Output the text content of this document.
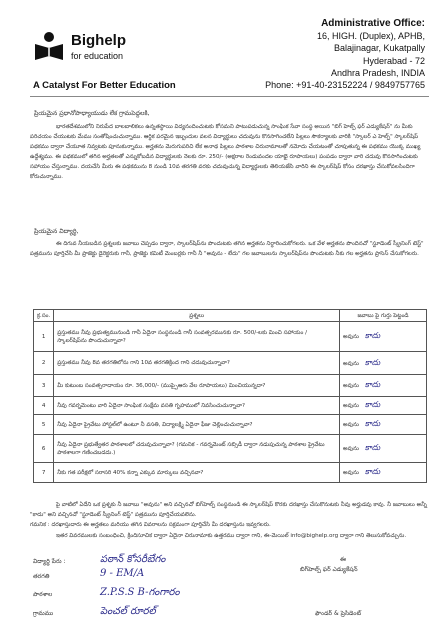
Bighelp
for education
A Catalyst For Better Education
Administrative Office:
16, HIGH. (Duplex), APHB,
Balajinagar, Kukatpally
Hyderabad - 72
Andhra Pradesh, INDIA
Phone: +91-40-23152224 / 9849757765
ప్రియమైన ప్రధానోపాధ్యాయుడు లేక గ్రామపెద్దలకి,
భారతదేశములోని నిరుపేద బాలబాలికలు ఉన్నతస్థాయి విద్యనందించుటకు కోసమని పాటుపడుచున్న సాంఘిక సేవా సంస్థ అయిన "బిగ్ హెల్ప్ ఫర్ ఎడ్యుకేషన్" ను మీకు పరిచయం చేయుటకు మేము సంతోషించుచున్నాము. ఆర్థిక పరమైన ఇబ్బందుల వలన విద్యార్థులు చదువును కొనసాగించలేని పిల్లలు సౌకర్యాలకు వారికి "స్కాలర్ ఎ హెల్ప్" స్కాలర్‌షిప్ పథకము ద్వారా చేయూత నివ్వటకు పూనుకున్నాము. అర్హతను మెరుగుపరిచి లేక అనాథ పిల్లలు పాఠశాల చిరునామాలతో నమోదు చేయటంతో చూపుతున్న ఈ పథకము యొక్క ముఖ్య ఉద్దేశ్యము. ఈ పథకములో తగిన అర్హతలతో ఎన్నుకోబడిన విద్యార్థులకు నెలకు రూ. 250/- (అక్షరాల రెండువందల యాభై రూపాయలు) పంపడం ద్వారా వారి చదువు కొనసాగించుటకు సహాయం చేస్తున్నాము. దయచేసి మీరు ఈ పథకమును 8 నుండి 10వ తరగతి వరకు చదువుచున్న విద్యార్థులకు తెలియజేసి వారిని ఈ స్కాలర్‌షిప్ కోసం దరఖాస్తు చేసుకోవలసిందిగా కోరుచున్నాము.
ప్రియమైన విద్యార్థి,
ఈ దిగువ నీయబడిన ప్రశ్నలకు జవాబు చెప్పడం ద్వారా, స్కాలర్‌షిప్‌ను పొందుటకు తగిన అర్హతను నిర్ధారించుకోగలరు. ఒక వేళ అర్హతను పొందినచో "స్టూడెంట్ స్క్రీనింగ్ టెస్ట్" పత్రమును పూర్తిచేసి మీ ప్రాజెక్టు డైరెక్టరుకు గానీ, ప్రాజెక్టు కమిటీ మెంబర్లకు గానీ నీ "అవును - లేదు" గల జవాబులను స్కాలర్‌షిప్‌ను పొందుటకు నీకు గల అర్హతను ప్రాసెస్ చేసుకోగలరు.
క్ర.సం.	ప్రశ్నలు	జవాబు పై గుర్తు పెట్టండి
1	ప్రస్తుతము నీవు ప్రభుత్వమునుండి గానీ ఏదైనా సంస్థనుండి గానీ సంవత్సరమునకు రూ. 500/-లకు మించి సహాయం / స్కాలర్‌షిప్‌ను పొందుచున్నావా?	అవును కాదు
2	ప్రస్తుతము నీవు 8వ తరగతిలోను గాని 10వ తరగతిక్రింద గాని చదువుచున్నావా?	అవును కాదు
3	మీ కుటుంబ సంవత్సరాదాయం రూ. 36,000/- (ముప్పైఆరు వేల రూపాయలు) మించియున్నదా?	అవును కాదు
4	నీవు గవర్నమెంటు వారి ఏదైనా సాంఘిక సంక్షేమ వసతి గృహములో నివసించుచున్నావా?	అవును కాదు
5	నీవు ఏదైనా ప్రైవేటు హాస్టల్‌లో ఉంటూ నీ వసతి, విద్యాలక్ష్మి ఏదైనా ఫీజు చెల్లించుచున్నావా?	అవును కాదు
6	నీవు ఏదైనా ప్రభుత్వేతర పాఠశాలలో చదువుచున్నావా? (గమనిక - గవర్నమెంట్ సబ్సిడీ ద్వారా నడుపుచున్న పాఠశాల ప్రైవేటు పాఠశాలగా గణించబడదు.)	అవును కాదు
7	నీకు గత పరీక్షలో సరాసరి 40% కన్నా ఎక్కువ మార్కులు వచ్చినవా?	అవును కాదు
పై వాటిలో ఏదేని ఒక ప్రశ్నకు నీ జవాబు "అవును" అని వచ్చినచో బిగ్‌హెల్ప్ సంస్థనుండి ఈ స్కాలర్‌షిప్ కొరకు దరఖాస్తు చేసుకొనుటకు నీవు అర్హుడవు కావు. నీ జవాబులు అన్నీ "కాదు" అని వచ్చినచో "స్టూడెంట్ స్క్రీనింగ్ టెస్ట్" పత్రమును పూర్తిచేయవలెను.
గమనిక : దరఖాస్తుదారు ఈ అర్హతలు మరియు తగిన వివరాలను సక్రమంగా పూర్తిచేసి మీ దరఖాస్తును ఇవ్వగలరు.
ఇతర వివరములకు సంబంధించి, క్రిందిసూచిక ద్వారా ఏదైనా చిరునామాకు ఉత్తరము ద్వారా గాని, ఈ-మెయిల్ info@bighelp.org ద్వారా గాని తెలుసుకోవచ్చును.
విద్యార్థి పేరు :	పఠాన్ కోసరీబేగం
తరగతి	9 - EM/A
పాఠశాల	Z.P.S.S B-గంగారం
గ్రామము	పెంచల్ రూరల్
ఈ
బిగ్‌హెల్ప్ ఫర్ ఎడ్యుకేషన్
ఫౌండర్ & ప్రెసిడెంట్
